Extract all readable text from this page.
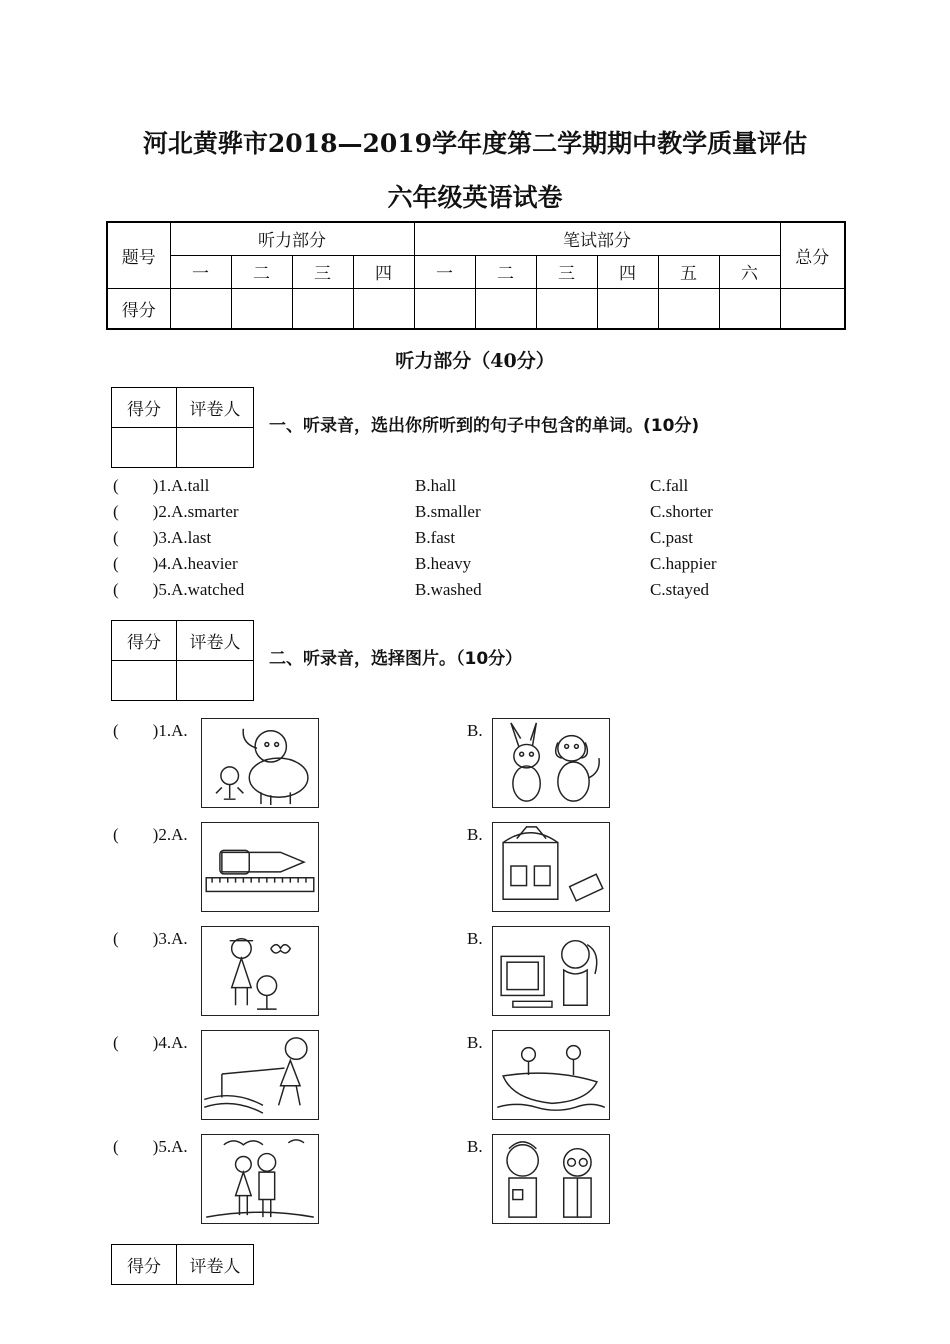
河北黄骅市2018—2019学年度第二学期期中教学质量评估
六年级英语试卷
题号	听力部分				笔试部分						总分
	一	二	三	四	一	二	三	四	五	六	
得分											
听力部分（40分）
得分	评卷人

一、听录音，选出你所听到的句子中包含的单词。(10分)
(        )1.A.tall	B.hall	C.fall
(        )2.A.smarter	B.smaller	C.shorter
(        )3.A.last	B.fast	C.past
(        )4.A.heavier	B.heavy	C.happier
(        )5.A.watched	B.washed	C.stayed
得分	评卷人

二、听录音，选择图片。（10分）
(        )1.A.	B.
(        )2.A.	B.
(        )3.A.	B.
(        )4.A.	B.
(        )5.A.	B.
得分	评卷人
